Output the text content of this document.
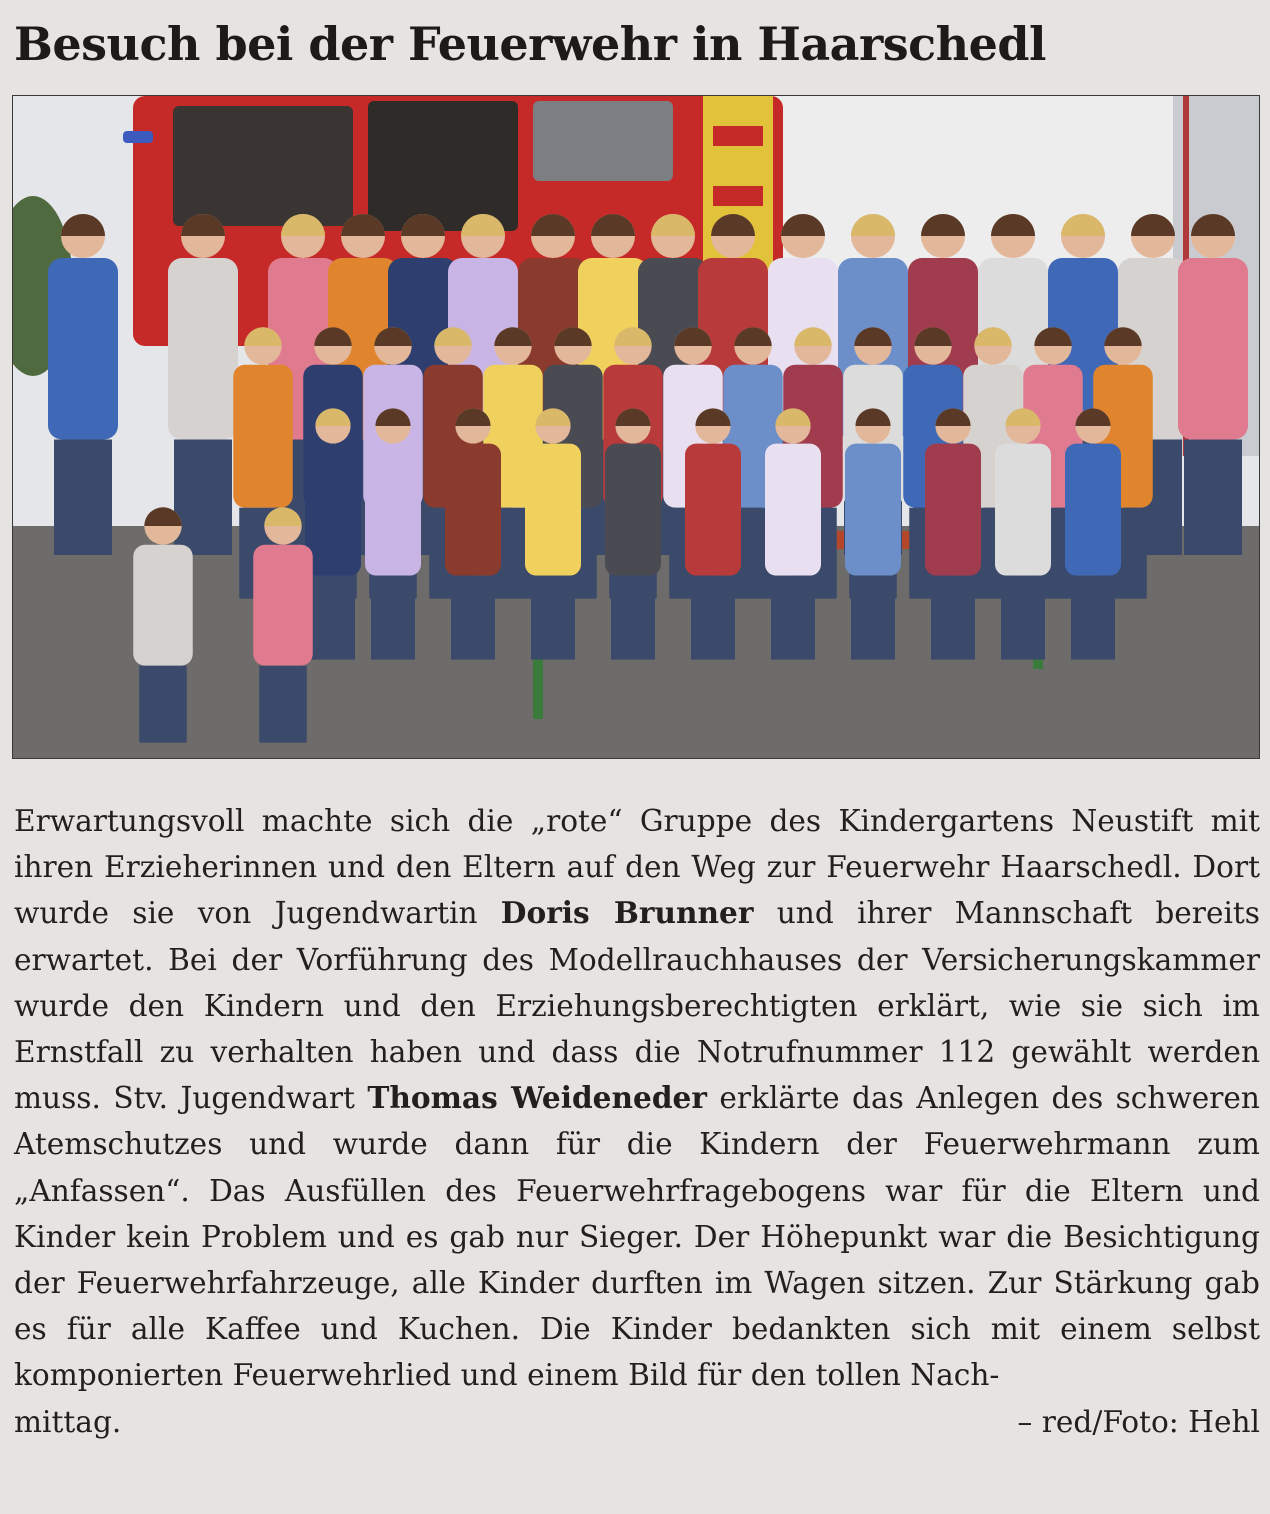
Besuch bei der Feuerwehr in Haarschedl
Erwartungsvoll machte sich die „rote“ Gruppe des Kindergartens Neustift mit ihren Erzieherinnen und den Eltern auf den Weg zur Feuerwehr Haarschedl. Dort wurde sie von Jugendwartin Doris Brunner und ihrer Mannschaft bereits erwartet. Bei der Vorführung des Modellrauchhauses der Versicherungskammer wurde den Kindern und den Erziehungsberechtigten erklärt, wie sie sich im Ernstfall zu verhalten haben und dass die Notrufnummer 112 gewählt werden muss. Stv. Jugendwart Thomas Weideneder erklärte das Anlegen des schweren Atemschutzes und wurde dann für die Kindern der Feuerwehrmann zum „Anfassen“. Das Ausfüllen des Feuerwehrfragebogens war für die Eltern und Kinder kein Problem und es gab nur Sieger. Der Höhepunkt war die Besichtigung der Feuerwehrfahrzeuge, alle Kinder durften im Wagen sitzen. Zur Stärkung gab es für alle Kaffee und Kuchen. Die Kinder bedankten sich mit einem selbst komponierten Feuerwehrlied und einem Bild für den tollen Nach-
mittag.	– red/Foto: Hehl
